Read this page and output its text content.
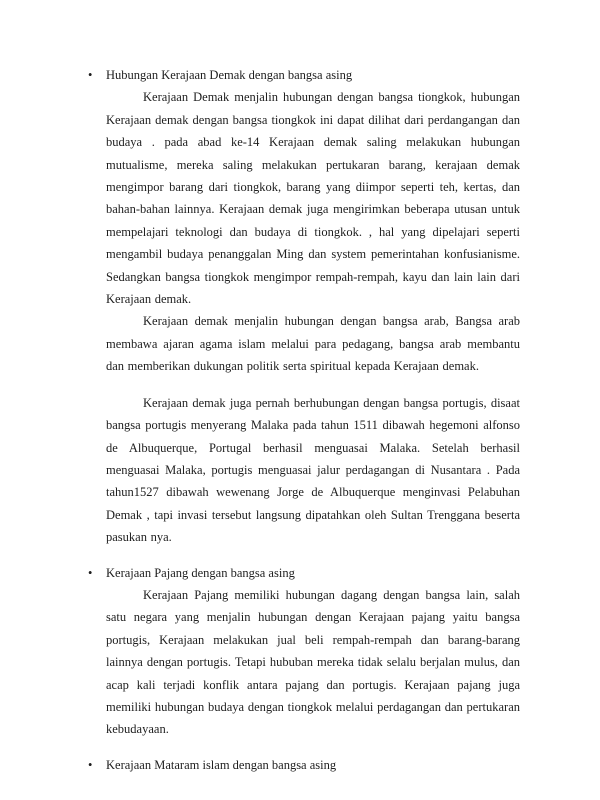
•	Hubungan Kerajaan Demak dengan bangsa asing

Kerajaan Demak menjalin hubungan dengan bangsa tiongkok, hubungan Kerajaan demak dengan bangsa tiongkok ini dapat dilihat dari perdangangan dan budaya . pada abad ke-14 Kerajaan demak saling melakukan hubungan mutualisme, mereka saling melakukan pertukaran barang, kerajaan demak mengimpor barang dari tiongkok, barang yang diimpor seperti teh, kertas, dan bahan-bahan lainnya. Kerajaan demak juga mengirimkan beberapa utusan untuk mempelajari teknologi dan budaya di tiongkok. , hal yang dipelajari seperti mengambil budaya penanggalan Ming dan system pemerintahan konfusianisme. Sedangkan bangsa tiongkok mengimpor rempah-rempah, kayu dan lain lain dari Kerajaan demak.

Kerajaan demak menjalin hubungan dengan bangsa arab, Bangsa arab membawa ajaran agama islam melalui para pedagang, bangsa arab membantu dan memberikan dukungan politik serta spiritual kepada Kerajaan demak.

Kerajaan demak juga pernah berhubungan dengan bangsa portugis, disaat bangsa portugis menyerang Malaka pada tahun 1511 dibawah hegemoni alfonso de Albuquerque, Portugal berhasil menguasai Malaka. Setelah berhasil menguasai Malaka, portugis menguasai jalur perdagangan di Nusantara . Pada tahun1527 dibawah wewenang Jorge de Albuquerque menginvasi Pelabuhan Demak , tapi invasi tersebut langsung dipatahkan oleh Sultan Trenggana beserta pasukan nya.

•	Kerajaan Pajang dengan bangsa asing

Kerajaan Pajang memiliki hubungan dagang dengan bangsa lain, salah satu negara yang menjalin hubungan dengan Kerajaan pajang yaitu bangsa portugis, Kerajaan melakukan jual beli rempah-rempah dan barang-barang lainnya dengan portugis. Tetapi hububan mereka tidak selalu berjalan mulus, dan acap kali terjadi konflik antara pajang dan portugis. Kerajaan pajang juga memiliki hubungan budaya dengan tiongkok melalui perdagangan dan pertukaran kebudayaan.

•	Kerajaan Mataram islam dengan bangsa asing
